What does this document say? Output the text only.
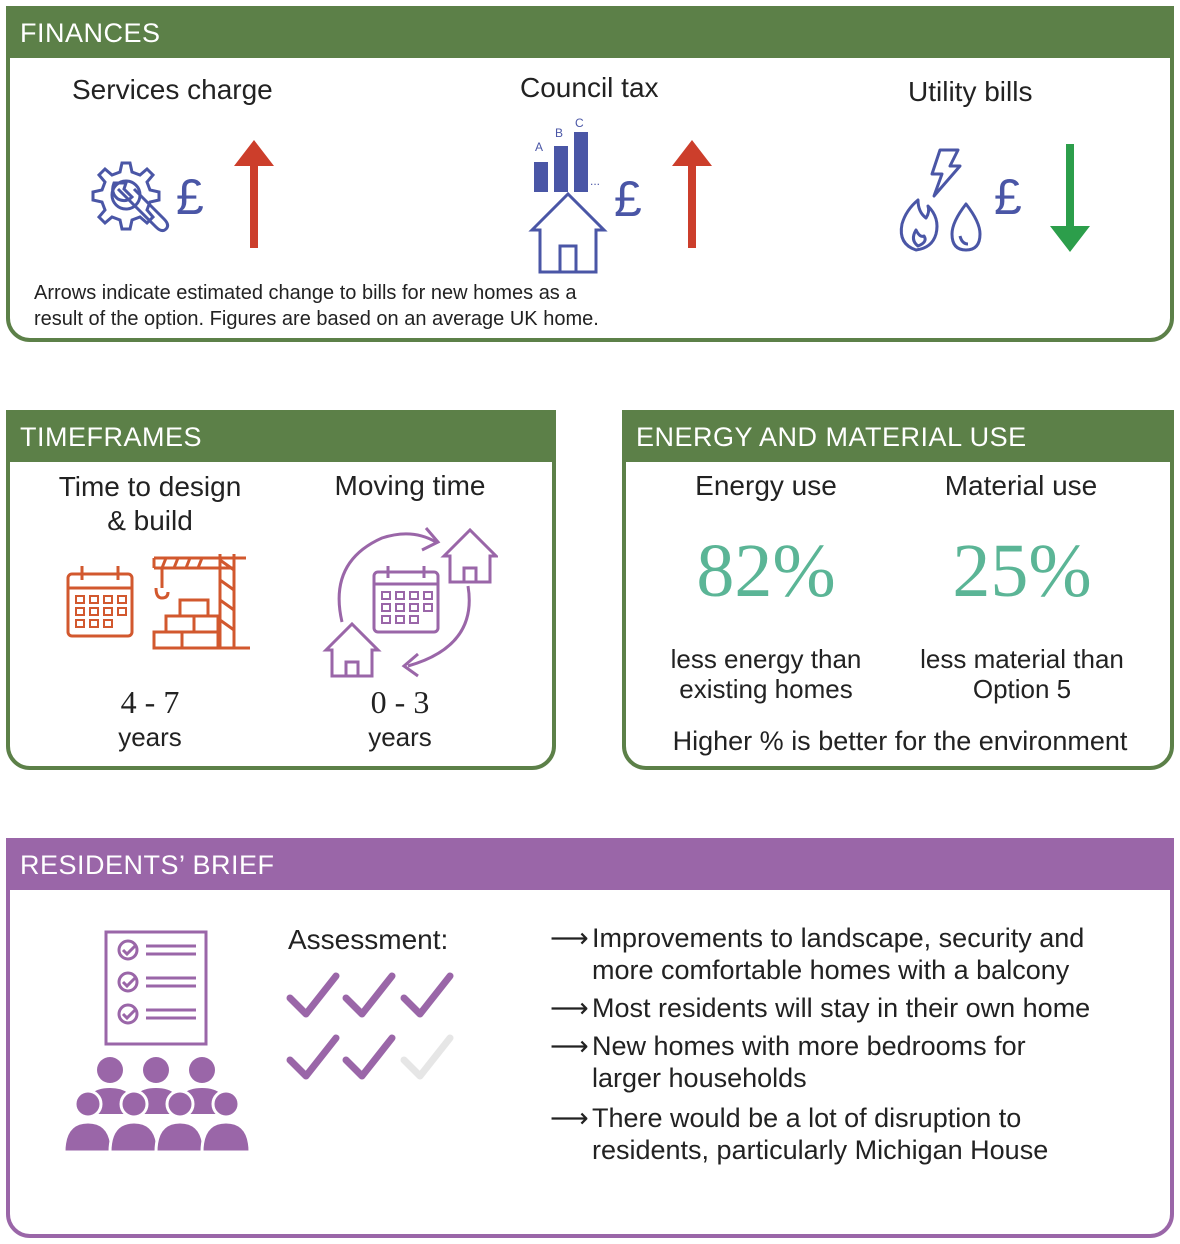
FINANCES
Services charge	Council tax	Utility bills
£
A
B
C
... £	£
Arrows indicate estimated change to bills for new homes as a
result of the option. Figures are based on an average UK home.
TIMEFRAMES
Time to design
& build
Moving time
4 - 7
years
0 - 3
years
ENERGY AND MATERIAL USE
Energy use	Material use
82%	25%
less energy than
existing homes
less material than
Option 5
Higher % is better for the environment
RESIDENTS’ BRIEF
Assessment:	⟶ Improvements to landscape, security and
more comfortable homes with a balcony
⟶ Most residents will stay in their own home
⟶ New homes with more bedrooms for
larger households
⟶ There would be a lot of disruption to
residents, particularly Michigan House
